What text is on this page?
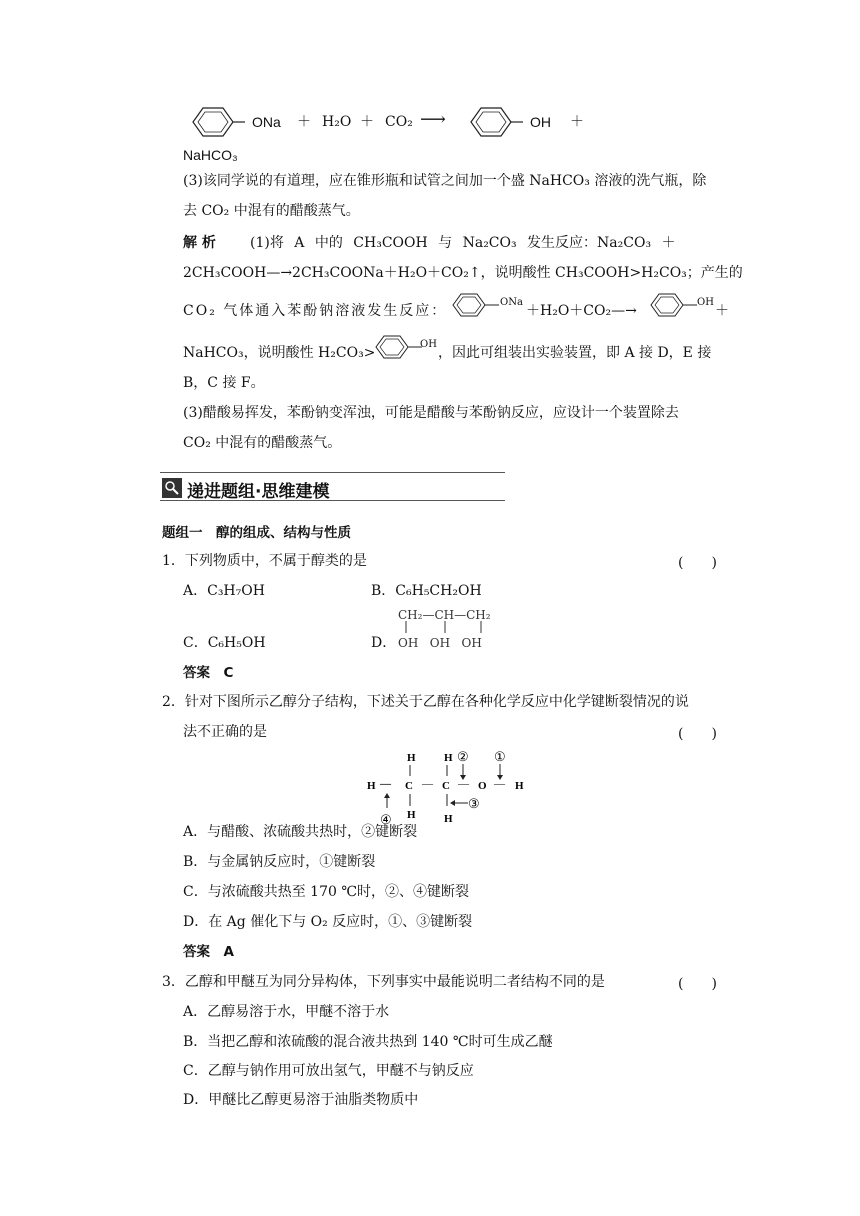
ONa ＋ H₂O ＋ CO₂ ⟶	OH ＋
NaHCO₃
(3)该同学说的有道理，应在锥形瓶和试管之间加一个盛 NaHCO₃ 溶液的洗气瓶，除
去 CO₂ 中混有的醋酸蒸气。
解 析 (1)将 A 中的 CH₃COOH 与 Na₂CO₃ 发生反应：Na₂CO₃ ＋
2CH₃COOH—→2CH₃COONa＋H₂O＋CO₂↑，说明酸性 CH₃COOH>H₂CO₃；产生的
CO₂ 气体通入苯酚钠溶液发生反应：
ONa
＋H₂O＋CO₂—→
OH
＋
NaHCO₃，说明酸性 H₂CO₃>
OH
，因此可组装出实验装置，即 A 接 D，E 接
B，C 接 F。
(3)醋酸易挥发，苯酚钠变浑浊，可能是醋酸与苯酚钠反应，应设计一个装置除去
CO₂ 中混有的醋酸蒸气。
递进题组·思维建模
题组一　醇的组成、结构与性质
1．下列物质中，不属于醇类的是	(　　)
A．C₃H₇OH	B．C₆H₅CH₂OH
C．C₆H₅OH	D．
CH₂—CH—CH₂
OH   OH   OH
答案　C
2．针对下图所示乙醇分子结构，下述关于乙醇在各种化学反应中化学键断裂情况的说
法不正确的是	(　　)
H	H ② ①
H — C — C — O — H
H	H
③
④
A．与醋酸、浓硫酸共热时，②键断裂
B．与金属钠反应时，①键断裂
C．与浓硫酸共热至 170 ℃时，②、④键断裂
D．在 Ag 催化下与 O₂ 反应时，①、③键断裂
答案　A
3．乙醇和甲醚互为同分异构体，下列事实中最能说明二者结构不同的是	(　　)
A．乙醇易溶于水，甲醚不溶于水
B．当把乙醇和浓硫酸的混合液共热到 140 ℃时可生成乙醚
C．乙醇与钠作用可放出氢气，甲醚不与钠反应
D．甲醚比乙醇更易溶于油脂类物质中
